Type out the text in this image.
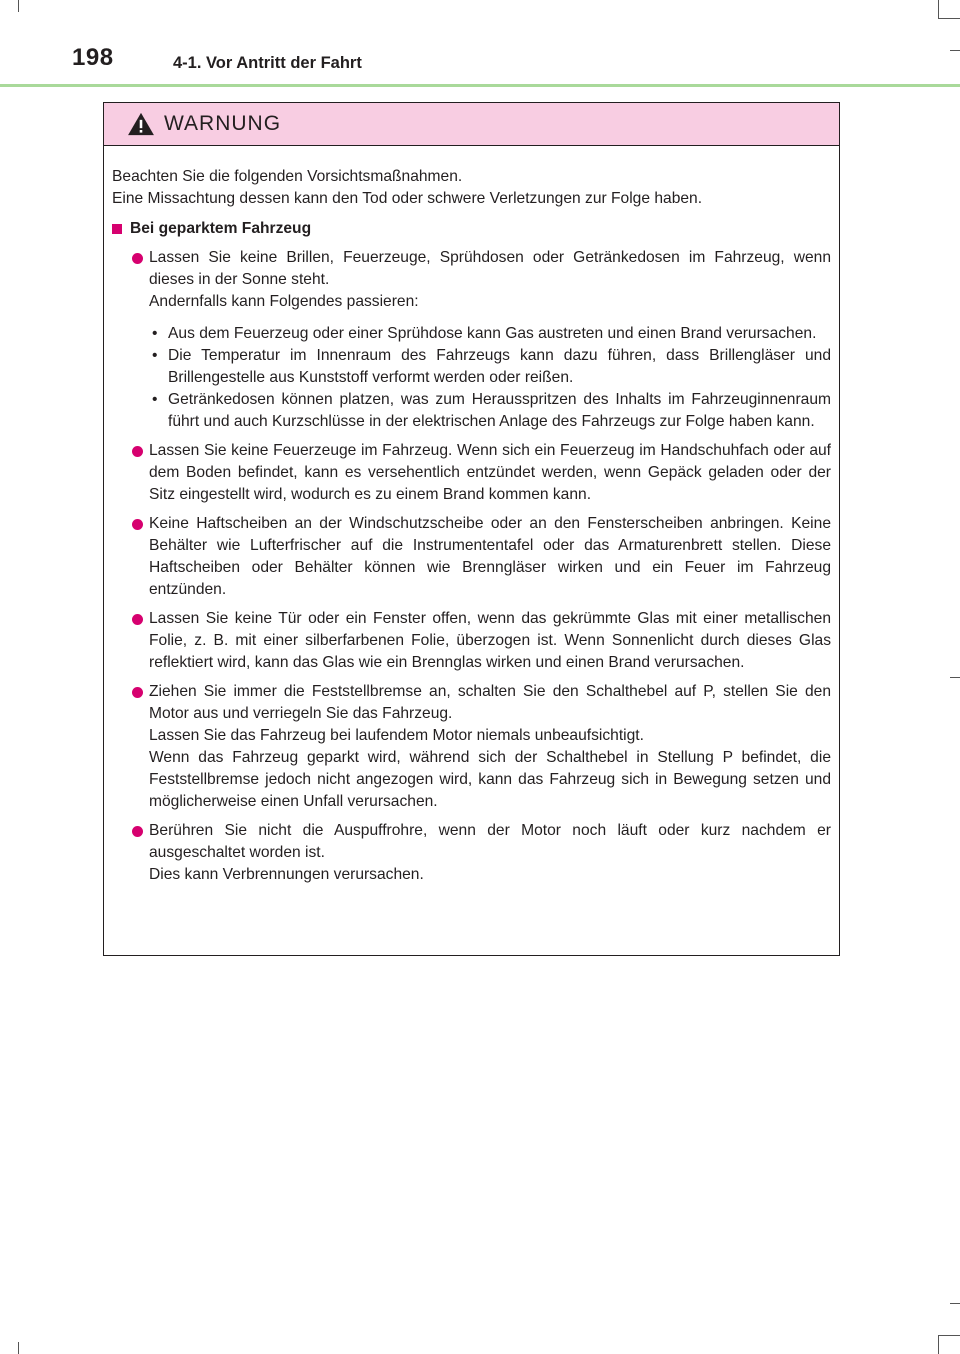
198	4-1. Vor Antritt der Fahrt
WARNUNG

Beachten Sie die folgenden Vorsichtsmaßnahmen.

Eine Missachtung dessen kann den Tod oder schwere Verletzungen zur Folge haben.

Bei geparktem Fahrzeug

Lassen Sie keine Brillen, Feuerzeuge, Sprühdosen oder Getränkedosen im Fahrzeug, wenn dieses in der Sonne steht.

Andernfalls kann Folgendes passieren:

• Aus dem Feuerzeug oder einer Sprühdose kann Gas austreten und einen Brand verursachen.
• Die Temperatur im Innenraum des Fahrzeugs kann dazu führen, dass Brillengläser und Brillengestelle aus Kunststoff verformt werden oder reißen.
• Getränkedosen können platzen, was zum Herausspritzen des Inhalts im Fahrzeuginnenraum führt und auch Kurzschlüsse in der elektrischen Anlage des Fahrzeugs zur Folge haben kann.

Lassen Sie keine Feuerzeuge im Fahrzeug. Wenn sich ein Feuerzeug im Handschuhfach oder auf dem Boden befindet, kann es versehentlich entzündet werden, wenn Gepäck geladen oder der Sitz eingestellt wird, wodurch es zu einem Brand kommen kann.

Keine Haftscheiben an der Windschutzscheibe oder an den Fensterscheiben anbringen. Keine Behälter wie Lufterfrischer auf die Instrumententafel oder das Armaturenbrett stellen. Diese Haftscheiben oder Behälter können wie Brenngläser wirken und ein Feuer im Fahrzeug entzünden.

Lassen Sie keine Tür oder ein Fenster offen, wenn das gekrümmte Glas mit einer metallischen Folie, z. B. mit einer silberfarbenen Folie, überzogen ist. Wenn Sonnenlicht durch dieses Glas reflektiert wird, kann das Glas wie ein Brennglas wirken und einen Brand verursachen.

Ziehen Sie immer die Feststellbremse an, schalten Sie den Schalthebel auf P, stellen Sie den Motor aus und verriegeln Sie das Fahrzeug.

Lassen Sie das Fahrzeug bei laufendem Motor niemals unbeaufsichtigt.

Wenn das Fahrzeug geparkt wird, während sich der Schalthebel in Stellung P befindet, die Feststellbremse jedoch nicht angezogen wird, kann das Fahrzeug sich in Bewegung setzen und möglicherweise einen Unfall verursachen.

Berühren Sie nicht die Auspuffrohre, wenn der Motor noch läuft oder kurz nachdem er ausgeschaltet worden ist.

Dies kann Verbrennungen verursachen.
